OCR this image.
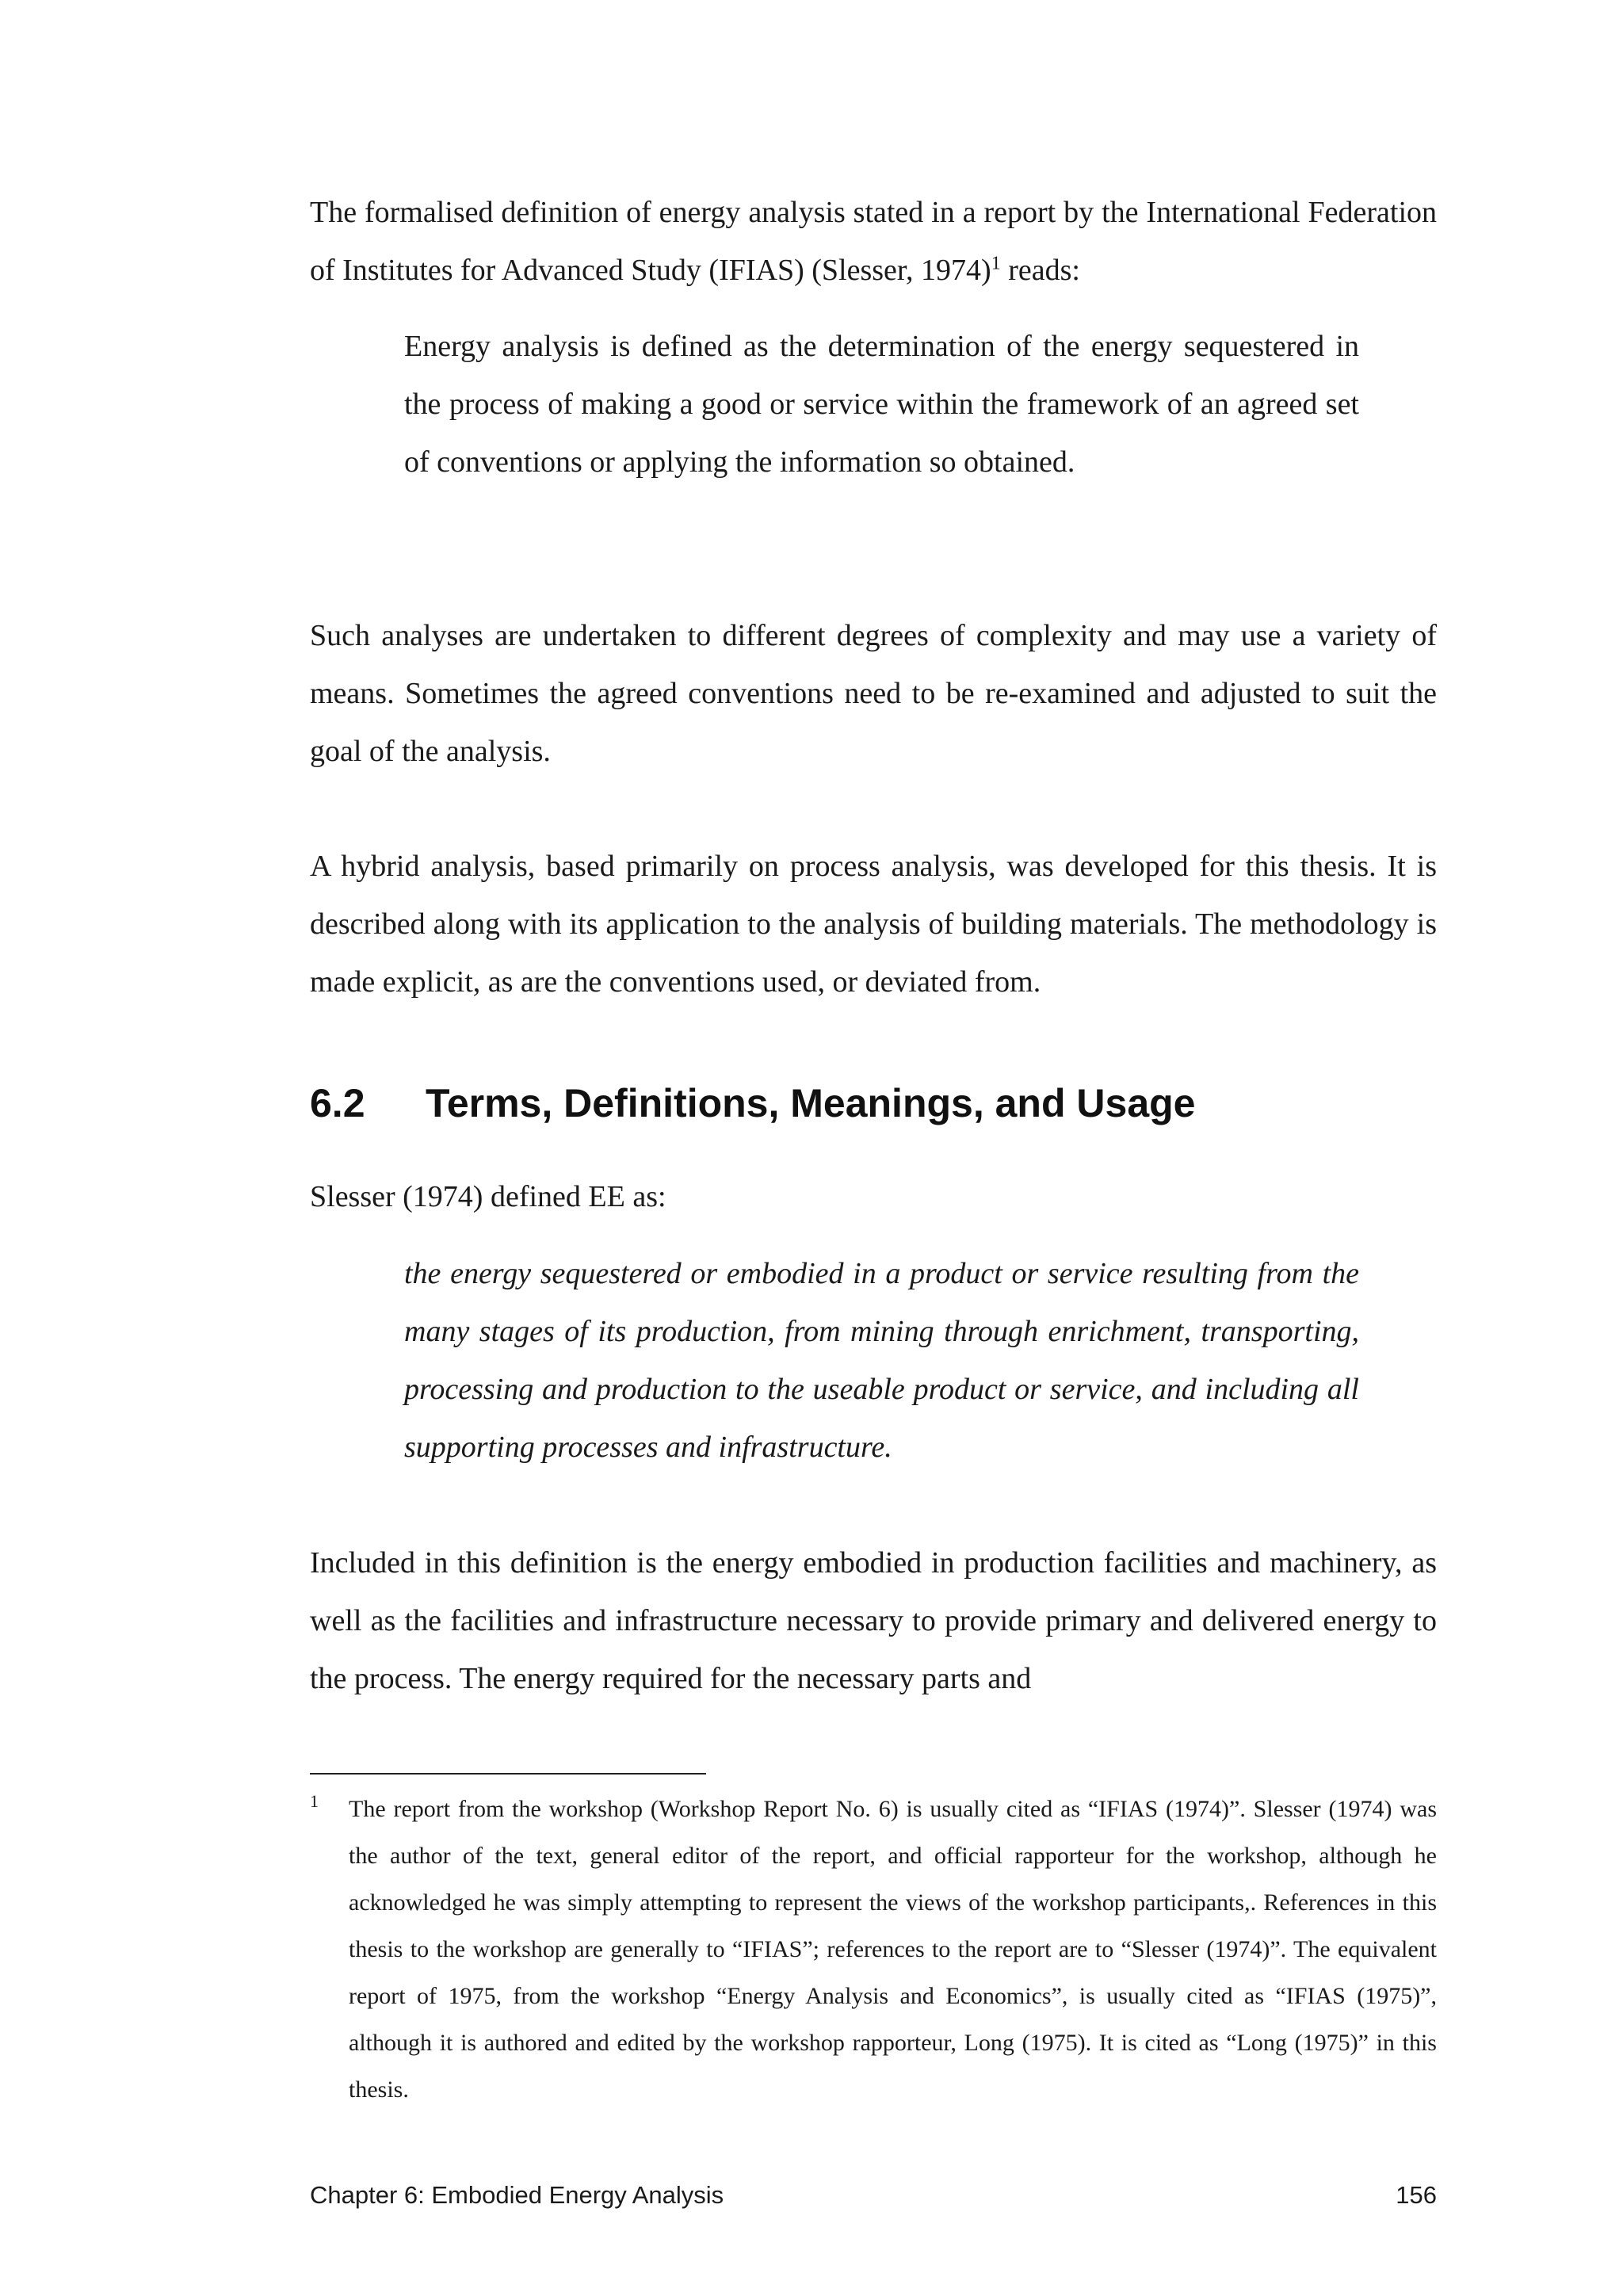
The formalised definition of energy analysis stated in a report by the International Federation of Institutes for Advanced Study (IFIAS) (Slesser, 1974)$^1$ reads:

Energy analysis is defined as the determination of the energy sequestered in the process of making a good or service within the framework of an agreed set of conventions or applying the information so obtained.

Such analyses are undertaken to different degrees of complexity and may use a variety of means. Sometimes the agreed conventions need to be re-examined and adjusted to suit the goal of the analysis.

A hybrid analysis, based primarily on process analysis, was developed for this thesis. It is described along with its application to the analysis of building materials. The methodology is made explicit, as are the conventions used, or deviated from.

6.2 Terms, Definitions, Meanings, and Usage

Slesser (1974) defined EE as:

the energy sequestered or embodied in a product or service resulting from the many stages of its production, from mining through enrichment, transporting, processing and production to the useable product or service, and including all supporting processes and infrastructure.

Included in this definition is the energy embodied in production facilities and machinery, as well as the facilities and infrastructure necessary to provide primary and delivered energy to the process. The energy required for the necessary parts and

1 The report from the workshop (Workshop Report No. 6) is usually cited as “IFIAS (1974)”. Slesser (1974) was the author of the text, general editor of the report, and official rapporteur for the workshop, although he acknowledged he was simply attempting to represent the views of the workshop participants,. References in this thesis to the workshop are generally to “IFIAS”; references to the report are to “Slesser (1974)”. The equivalent report of 1975, from the workshop “Energy Analysis and Economics”, is usually cited as “IFIAS (1975)”, although it is authored and edited by the workshop rapporteur, Long (1975). It is cited as “Long (1975)” in this thesis.
Chapter 6: Embodied Energy Analysis	156
